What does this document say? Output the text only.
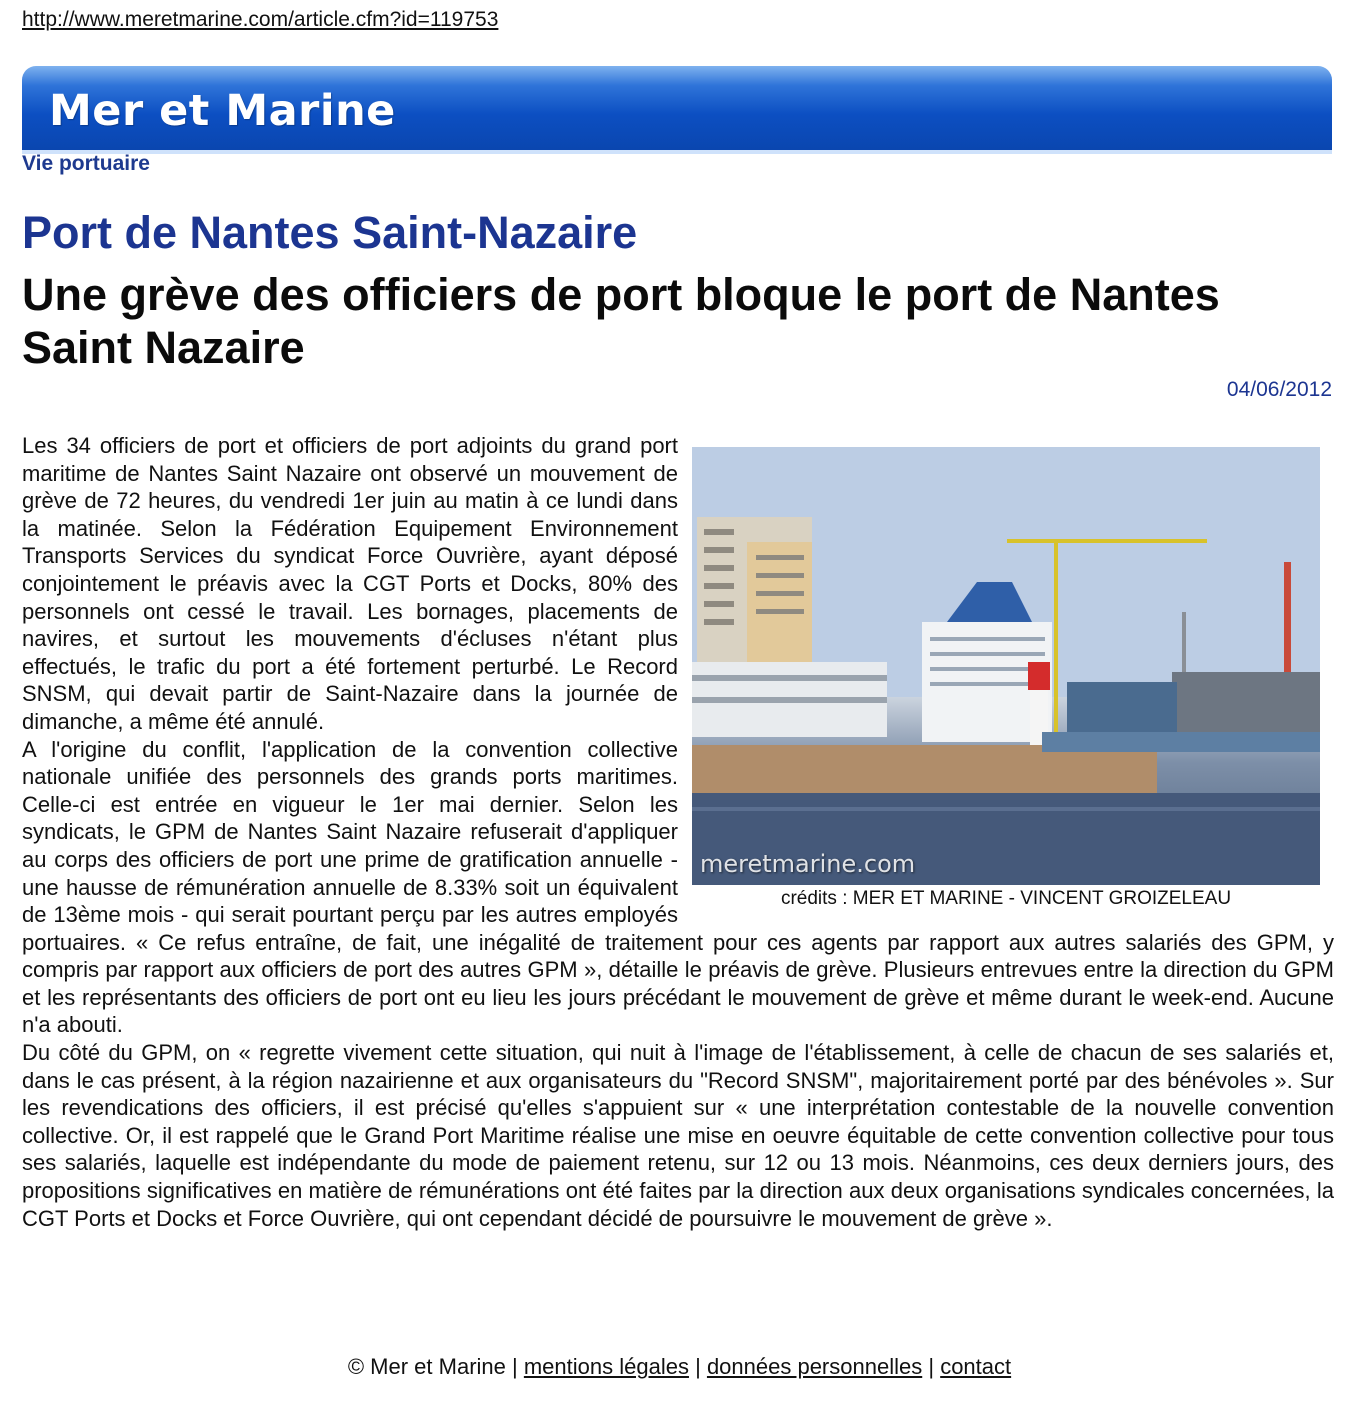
http://www.meretmarine.com/article.cfm?id=119753
Mer et Marine
Vie portuaire
Port de Nantes Saint-Nazaire
Une grève des officiers de port bloque le port de Nantes Saint Nazaire
04/06/2012
meretmarine.com
crédits : MER ET MARINE - VINCENT GROIZELEAU

Les 34 officiers de port et officiers de port adjoints du grand port maritime de Nantes Saint Nazaire ont observé un mouvement de grève de 72 heures, du vendredi 1er juin au matin à ce lundi dans la matinée. Selon la Fédération Equipement Environnement Transports Services du syndicat Force Ouvrière, ayant déposé conjointement le préavis avec la CGT Ports et Docks, 80% des personnels ont cessé le travail. Les bornages, placements de navires, et surtout les mouvements d'écluses n'étant plus effectués, le trafic du port a été fortement perturbé. Le Record SNSM, qui devait partir de Saint-Nazaire dans la journée de dimanche, a même été annulé.

A l'origine du conflit, l'application de la convention collective nationale unifiée des personnels des grands ports maritimes. Celle-ci est entrée en vigueur le 1er mai dernier. Selon les syndicats, le GPM de Nantes Saint Nazaire refuserait d'appliquer au corps des officiers de port une prime de gratification annuelle - une hausse de rémunération annuelle de 8.33% soit un équivalent de 13ème mois - qui serait pourtant perçu par les autres employés portuaires. « Ce refus entraîne, de fait, une inégalité de traitement pour ces agents par rapport aux autres salariés des GPM, y compris par rapport aux officiers de port des autres GPM », détaille le préavis de grève. Plusieurs entrevues entre la direction du GPM et les représentants des officiers de port ont eu lieu les jours précédant le mouvement de grève et même durant le week-end. Aucune n'a abouti.

Du côté du GPM, on « regrette vivement cette situation, qui nuit à l'image de l'établissement, à celle de chacun de ses salariés et, dans le cas présent, à la région nazairienne et aux organisateurs du "Record SNSM", majoritairement porté par des bénévoles ». Sur les revendications des officiers, il est précisé qu'elles s'appuient sur « une interprétation contestable de la nouvelle convention collective. Or, il est rappelé que le Grand Port Maritime réalise une mise en oeuvre équitable de cette convention collective pour tous ses salariés, laquelle est indépendante du mode de paiement retenu, sur 12 ou 13 mois. Néanmoins, ces deux derniers jours, des propositions significatives en matière de rémunérations ont été faites par la direction aux deux organisations syndicales concernées, la CGT Ports et Docks et Force Ouvrière, qui ont cependant décidé de poursuivre le mouvement de grève ».

© Mer et Marine | mentions légales | données personnelles | contact
